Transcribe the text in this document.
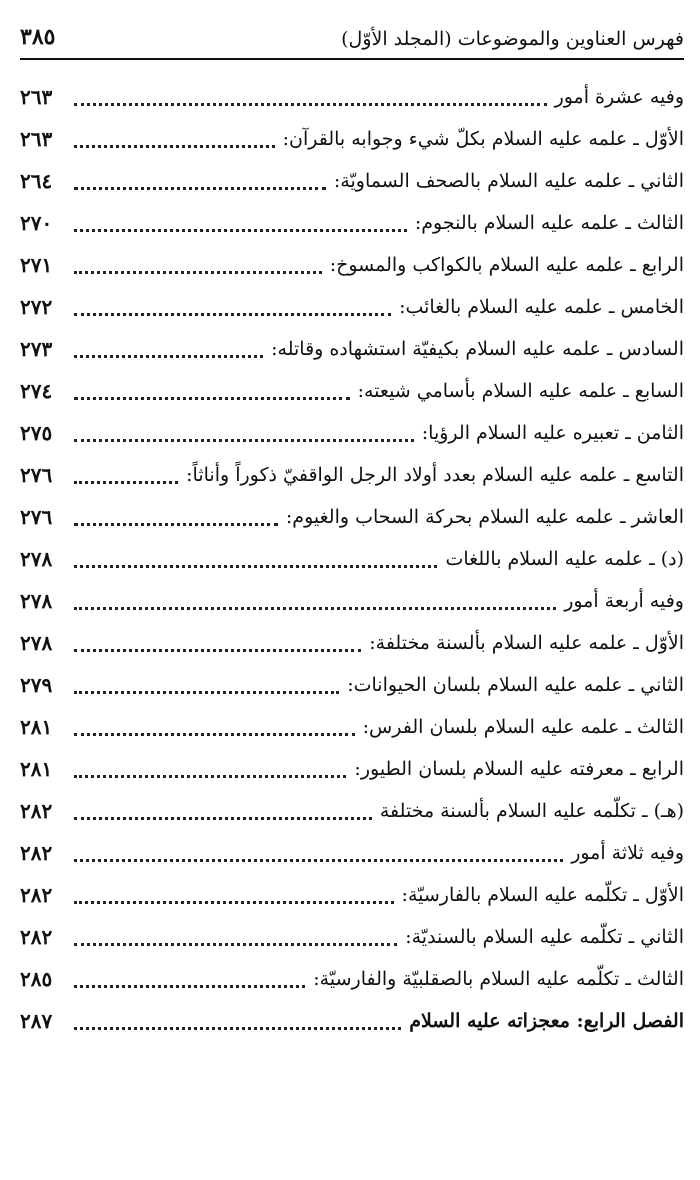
فهرس العناوين والموضوعات (المجلد الأوّل)
٣٨٥
وفيه عشرة أمور
٢٦٣
الأوّل ـ علمه عليه السلام بكلّ شيء وجوابه بالقرآن:
٢٦٣
الثاني ـ علمه عليه السلام بالصحف السماويّة:
٢٦٤
الثالث ـ علمه عليه السلام بالنجوم:
٢٧٠
الرابع ـ علمه عليه السلام بالكواكب والمسوخ:
٢٧١
الخامس ـ علمه عليه السلام بالغائب:
٢٧٢
السادس ـ علمه عليه السلام بكيفيّة استشهاده وقاتله:
٢٧٣
السابع ـ علمه عليه السلام بأسامي شيعته:
٢٧٤
الثامن ـ تعبيره عليه السلام الرؤيا:
٢٧٥
التاسع ـ علمه عليه السلام بعدد أولاد الرجل الواقفيّ ذكوراً وأناثاً:
٢٧٦
العاشر ـ علمه عليه السلام بحركة السحاب والغيوم:
٢٧٦
(د) ـ علمه عليه السلام باللغات
٢٧٨
وفيه أربعة أمور
٢٧٨
الأوّل ـ علمه عليه السلام بألسنة مختلفة:
٢٧٨
الثاني ـ علمه عليه السلام بلسان الحيوانات:
٢٧٩
الثالث ـ علمه عليه السلام بلسان الفرس:
٢٨١
الرابع ـ معرفته عليه السلام بلسان الطيور:
٢٨١
(هـ) ـ تكلّمه عليه السلام بألسنة مختلفة
٢٨٢
وفيه ثلاثة أمور
٢٨٢
الأوّل ـ تكلّمه عليه السلام بالفارسيّة:
٢٨٢
الثاني ـ تكلّمه عليه السلام بالسنديّة:
٢٨٢
الثالث ـ تكلّمه عليه السلام بالصقلبيّة والفارسيّة:
٢٨٥
الفصل الرابع: معجزاته عليه السلام
٢٨٧
